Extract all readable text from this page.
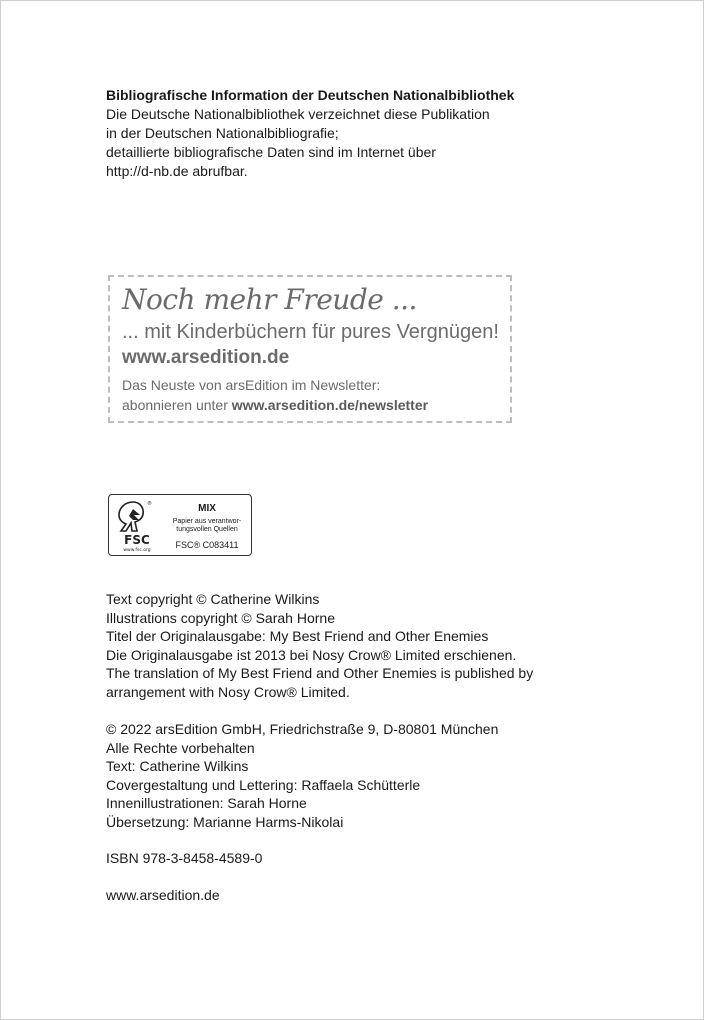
Bibliografische Information der Deutschen Nationalbibliothek
Die Deutsche Nationalbibliothek verzeichnet diese Publikation
in der Deutschen Nationalbibliografie;
detaillierte bibliografische Daten sind im Internet über
http://d-nb.de abrufbar.
Noch mehr Freude ...
... mit Kinderbüchern für pures Vergnügen!
www.arsedition.de
Das Neuste von arsEdition im Newsletter:
abonnieren unter www.arsedition.de/newsletter
®
FSC
www.fsc.org
MIX
Papier aus verantwor-
tungsvollen Quellen
FSC® C083411
Text copyright © Catherine Wilkins
Illustrations copyright © Sarah Horne
Titel der Originalausgabe: My Best Friend and Other Enemies
Die Originalausgabe ist 2013 bei Nosy Crow® Limited erschienen.
The translation of My Best Friend and Other Enemies is published by
arrangement with Nosy Crow® Limited.
© 2022 arsEdition GmbH, Friedrichstraße 9, D-80801 München
Alle Rechte vorbehalten
Text: Catherine Wilkins
Covergestaltung und Lettering: Raffaela Schütterle
Innenillustrationen: Sarah Horne
Übersetzung: Marianne Harms-Nikolai
ISBN 978-3-8458-4589-0
www.arsedition.de
